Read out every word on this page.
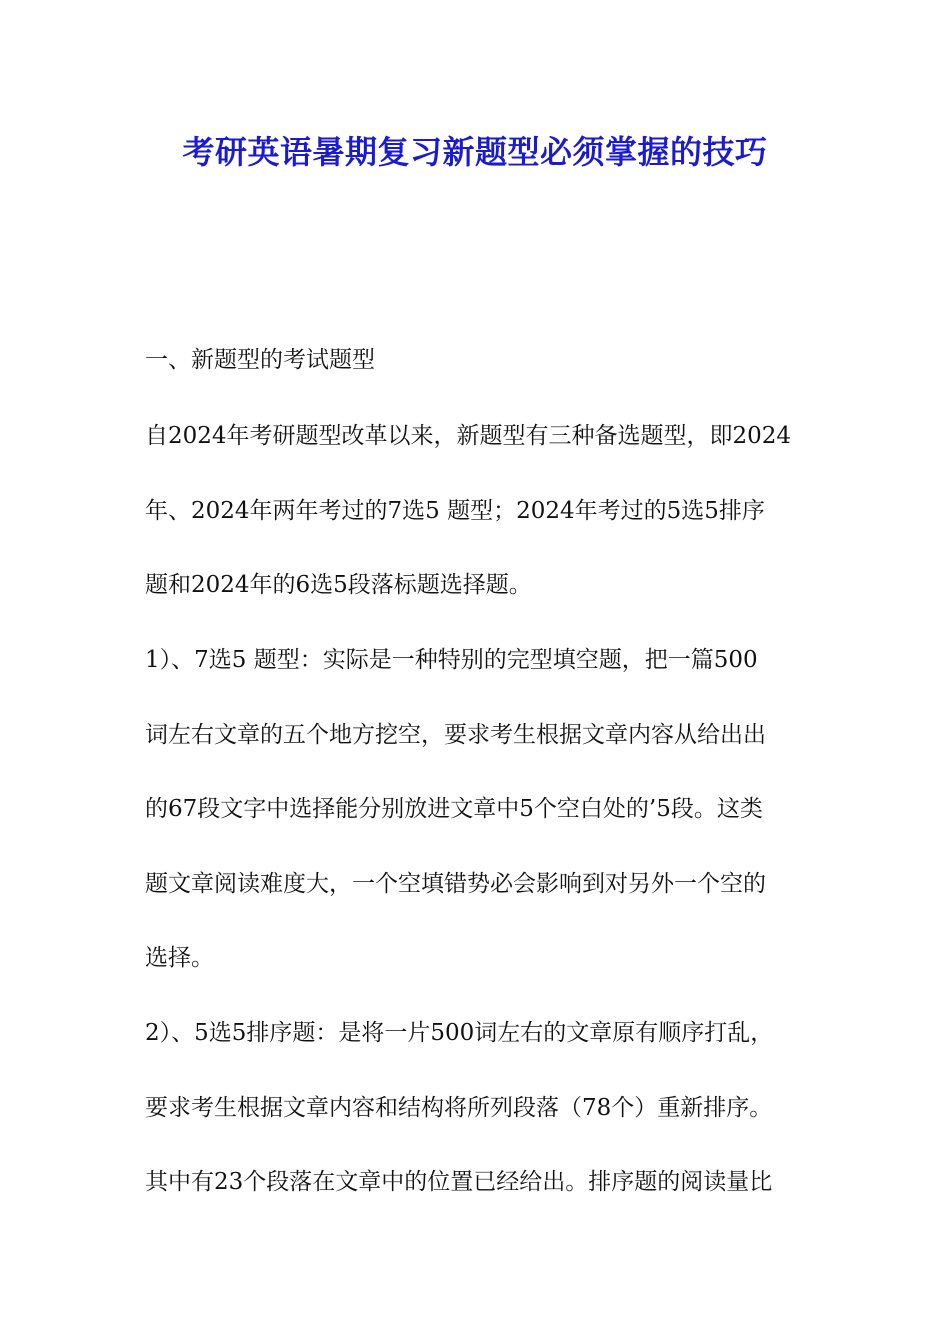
考研英语暑期复习新题型必须掌握的技巧
一、新题型的考试题型
自2024年考研题型改革以来，新题型有三种备选题型，即2024
年、2024年两年考过的7选5 题型；2024年考过的5选5排序
题和2024年的6选5段落标题选择题。
1）、7选5 题型：实际是一种特别的完型填空题，把一篇500
词左右文章的五个地方挖空，要求考生根据文章内容从给出出
的67段文字中选择能分别放进文章中5个空白处的’5段。这类
题文章阅读难度大，一个空填错势必会影响到对另外一个空的
选择。
2）、5选5排序题：是将一片500词左右的文章原有顺序打乱，
要求考生根据文章内容和结构将所列段落（78个）重新排序。
其中有23个段落在文章中的位置已经给出。排序题的阅读量比
